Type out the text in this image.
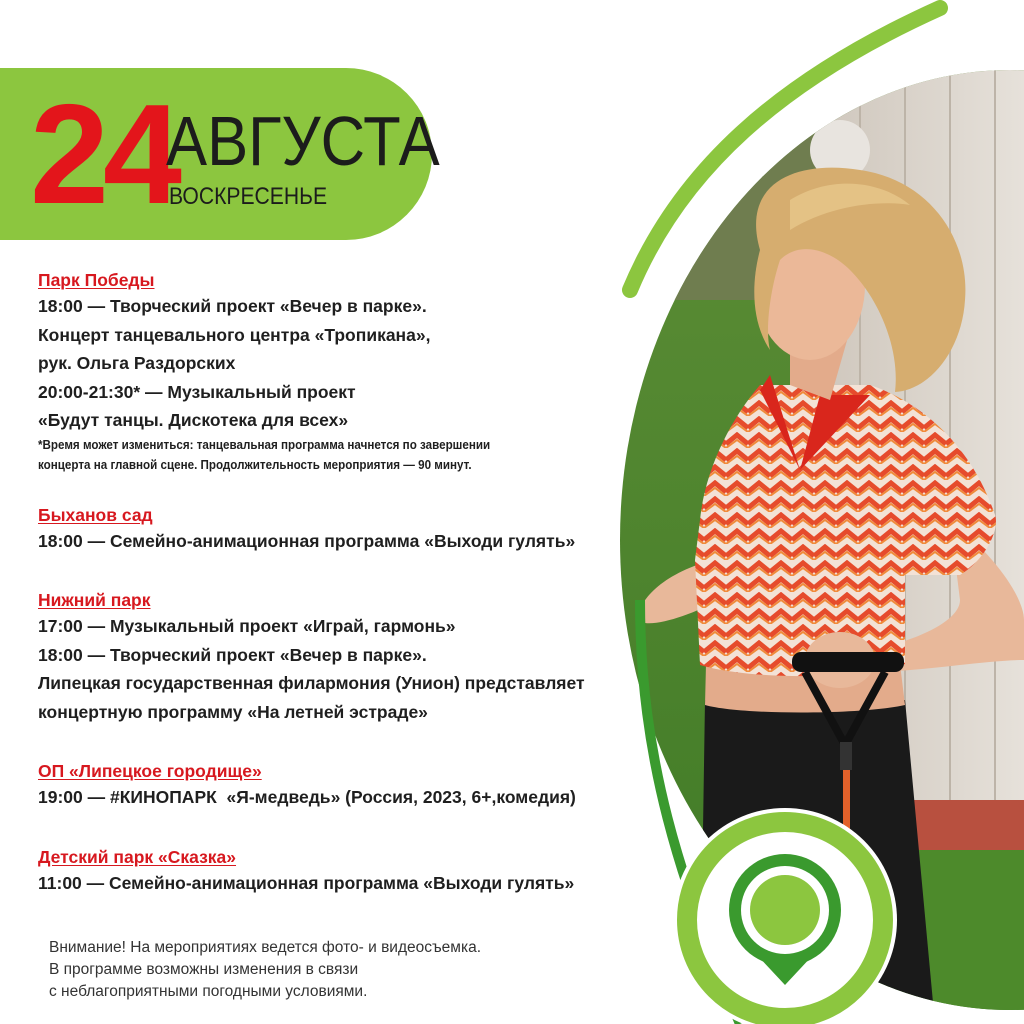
24
АВГУСТА
ВОСКРЕСЕНЬЕ
Парк Победы
18:00 — Творческий проект «Вечер в парке».
Концерт танцевального центра «Тропикана»,
рук. Ольга Раздорских
20:00-21:30* — Музыкальный проект
«Будут танцы. Дискотека для всех»
*Время может измениться: танцевальная программа начнется по завершении
концерта на главной сцене. Продолжительность мероприятия — 90 минут.
Быханов сад
18:00 — Семейно-анимационная программа «Выходи гулять»
Нижний парк
17:00 — Музыкальный проект «Играй, гармонь»
18:00 — Творческий проект «Вечер в парке».
Липецкая государственная филармония (Унион) представляет
концертную программу «На летней эстраде»
ОП «Липецкое городище»
19:00 — #КИНОПАРК  «Я-медведь» (Россия, 2023, 6+,комедия)
Детский парк «Сказка»
11:00 — Семейно-анимационная программа «Выходи гулять»
Внимание! На мероприятиях ведется фото- и видеосъемка.
В программе возможны изменения в связи
с неблагоприятными погодными условиями.
